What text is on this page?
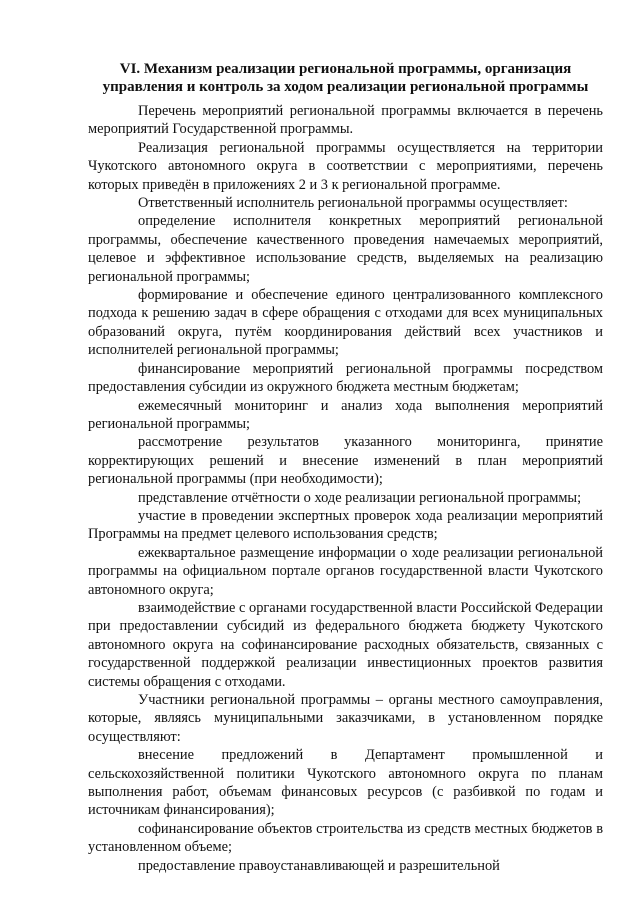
VI. Механизм реализации региональной программы, организация управления и контроль за ходом реализации региональной программы

Перечень мероприятий региональной программы включается в перечень мероприятий Государственной программы.

Реализация региональной программы осуществляется на территории Чукотского автономного округа в соответствии с мероприятиями, перечень которых приведён в приложениях 2 и 3 к региональной программе.

Ответственный исполнитель региональной программы осуществляет:

определение исполнителя конкретных мероприятий региональной программы, обеспечение качественного проведения намечаемых мероприятий, целевое и эффективное использование средств, выделяемых на реализацию региональной программы;

формирование и обеспечение единого централизованного комплексного подхода к решению задач в сфере обращения с отходами для всех муниципальных образований округа, путём координирования действий всех участников и исполнителей региональной программы;

финансирование мероприятий региональной программы посредством предоставления субсидии из окружного бюджета местным бюджетам;

ежемесячный мониторинг и анализ хода выполнения мероприятий региональной программы;

рассмотрение результатов указанного мониторинга, принятие корректирующих решений и внесение изменений в план мероприятий региональной программы (при необходимости);

представление отчётности о ходе реализации региональной программы;

участие в проведении экспертных проверок хода реализации мероприятий Программы на предмет целевого использования средств;

ежеквартальное размещение информации о ходе реализации региональной программы на официальном портале органов государственной власти Чукотского автономного округа;

взаимодействие с органами государственной власти Российской Федерации при предоставлении субсидий из федерального бюджета бюджету Чукотского автономного округа на софинансирование расходных обязательств, связанных с государственной поддержкой реализации инвестиционных проектов развития системы обращения с отходами.

Участники региональной программы – органы местного самоуправления, которые, являясь муниципальными заказчиками, в установленном порядке осуществляют:

внесение предложений в Департамент промышленной и сельскохозяйственной политики Чукотского автономного округа по планам выполнения работ, объемам финансовых ресурсов (с разбивкой по годам и источникам финансирования);

софинансирование объектов строительства из средств местных бюджетов в установленном объеме;

предоставление правоустанавливающей и разрешительной
